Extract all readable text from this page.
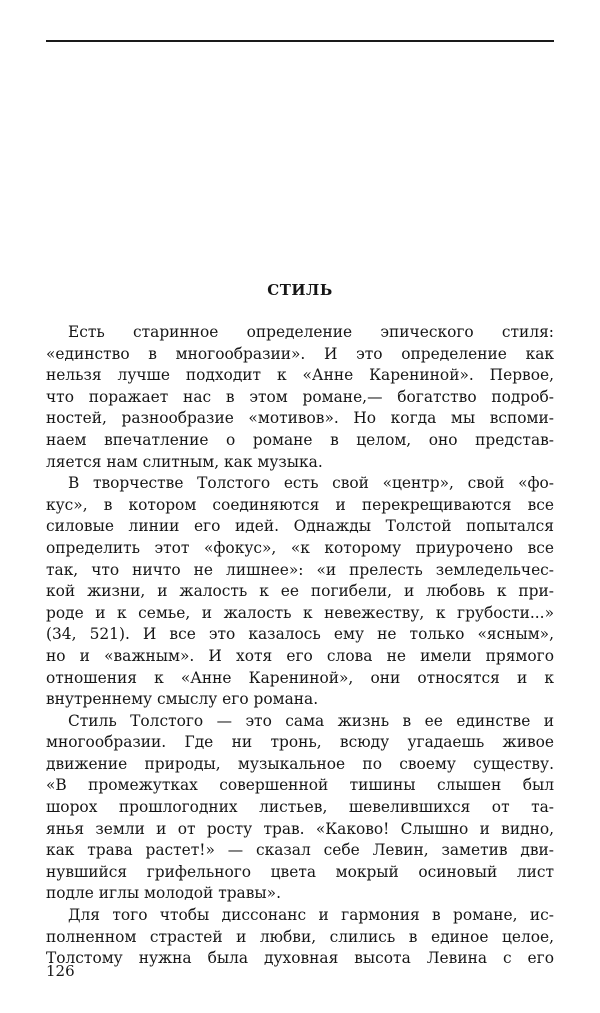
СТИЛЬ
Есть старинное определение эпического стиля:
«единство в многообразии». И это определение как
нельзя лучше подходит к «Анне Карениной». Первое,
что поражает нас в этом романе,— богатство подроб-
ностей, разнообразие «мотивов». Но когда мы вспоми-
наем впечатление о романе в целом, оно представ-
ляется нам слитным, как музыка.
В творчестве Толстого есть свой «центр», свой «фо-
кус», в котором соединяются и перекрещиваются все
силовые линии его идей. Однажды Толстой попытался
определить этот «фокус», «к которому приурочено все
так, что ничто не лишнее»: «и прелесть земледельчес-
кой жизни, и жалость к ее погибели, и любовь к при-
роде и к семье, и жалость к невежеству, к грубости...»
(34, 521). И все это казалось ему не только «ясным»,
но и «важным». И хотя его слова не имели прямого
отношения к «Анне Карениной», они относятся и к
внутреннему смыслу его романа.
Стиль Толстого — это сама жизнь в ее единстве и
многообразии. Где ни тронь, всюду угадаешь живое
движение природы, музыкальное по своему существу.
«В промежутках совершенной тишины слышен был
шорох прошлогодних листьев, шевелившихся от та-
янья земли и от росту трав. «Каково! Слышно и видно,
как трава растет!» — сказал себе Левин, заметив дви-
нувшийся грифельного цвета мокрый осиновый лист
подле иглы молодой травы».
Для того чтобы диссонанс и гармония в романе, ис-
полненном страстей и любви, слились в единое целое,
Толстому нужна была духовная высота Левина с его

126
